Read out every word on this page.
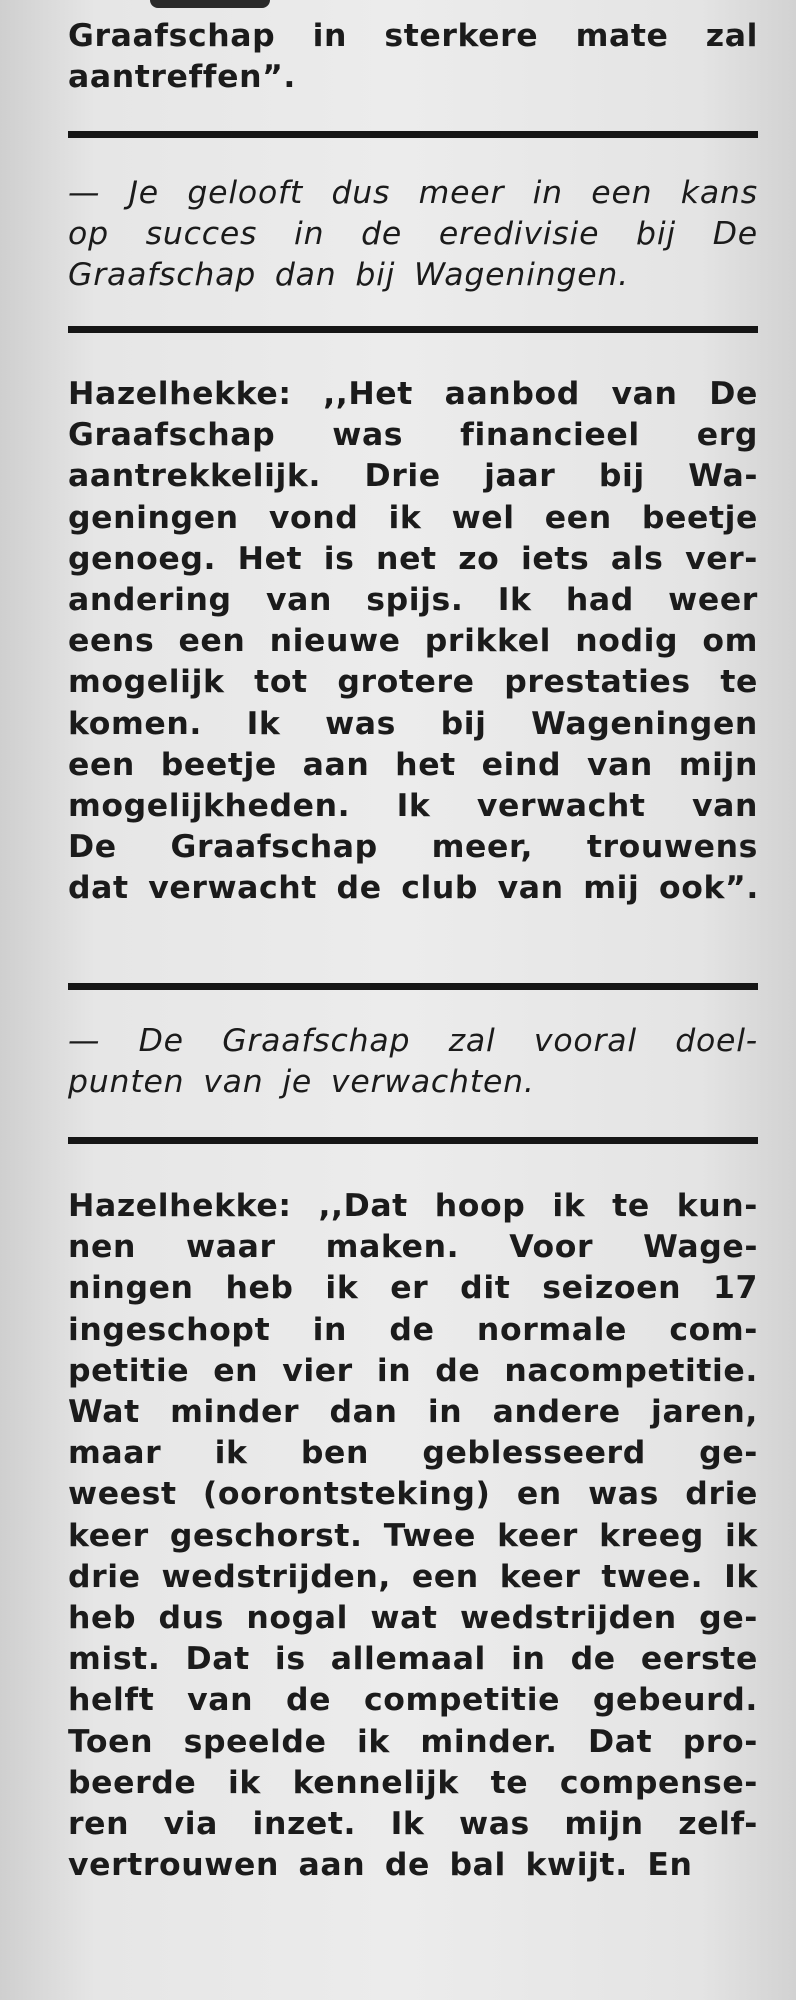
Graafschap in sterkere mate zal
aantreffen”.
— Je gelooft dus meer in een kans
op succes in de eredivisie bij De
Graafschap dan bij Wageningen.
Hazelhekke: ,,Het aanbod van De
Graafschap was financieel erg
aantrekkelijk. Drie jaar bij Wa-
geningen vond ik wel een beetje
genoeg. Het is net zo iets als ver-
andering van spijs. Ik had weer
eens een nieuwe prikkel nodig om
mogelijk tot grotere prestaties te
komen. Ik was bij Wageningen
een beetje aan het eind van mijn
mogelijkheden. Ik verwacht van
De Graafschap meer, trouwens
dat verwacht de club van mij ook”.
— De Graafschap zal vooral doel-
punten van je verwachten.
Hazelhekke: ,,Dat hoop ik te kun-
nen waar maken. Voor Wage-
ningen heb ik er dit seizoen 17
ingeschopt in de normale com-
petitie en vier in de nacompetitie.
Wat minder dan in andere jaren,
maar ik ben geblesseerd ge-
weest (oorontsteking) en was drie
keer geschorst. Twee keer kreeg ik
drie wedstrijden, een keer twee. Ik
heb dus nogal wat wedstrijden ge-
mist. Dat is allemaal in de eerste
helft van de competitie gebeurd.
Toen speelde ik minder. Dat pro-
beerde ik kennelijk te compense-
ren via inzet. Ik was mijn zelf-
vertrouwen aan de bal kwijt. En
